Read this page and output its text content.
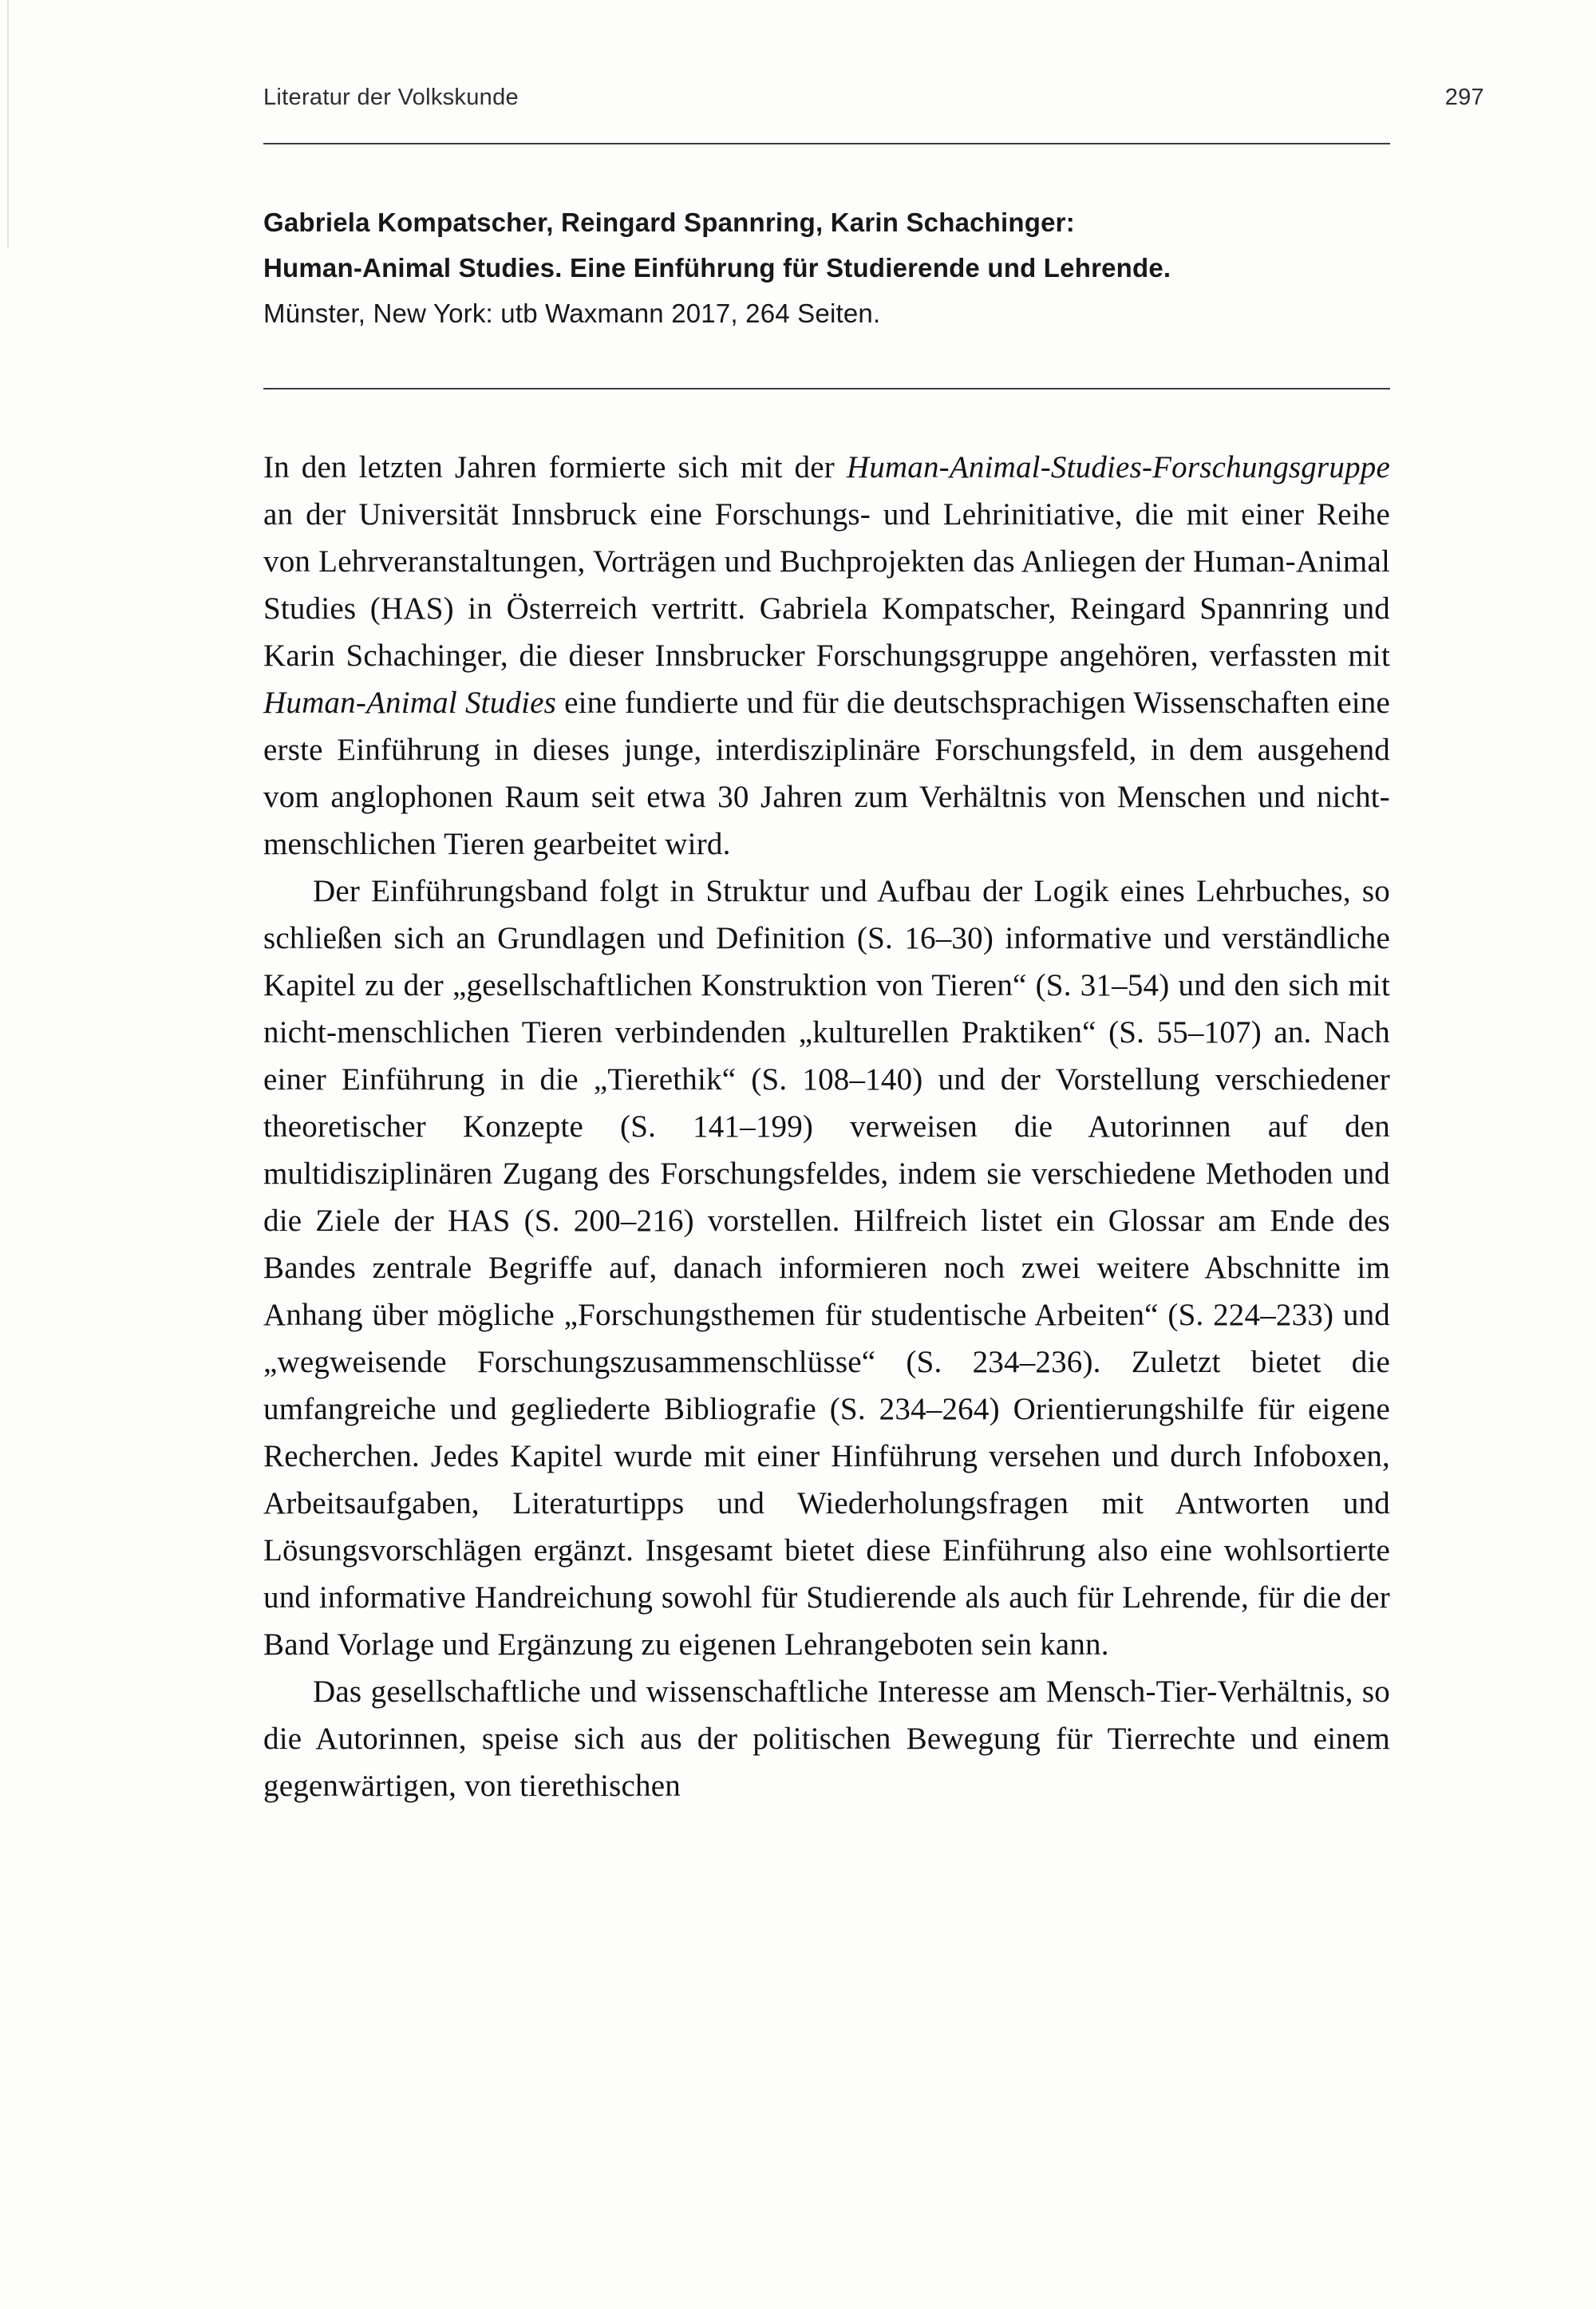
Literatur der Volkskunde	297

Gabriela Kompatscher, Reingard Spannring, Karin Schachinger:

Human-Animal Studies. Eine Einführung für Studierende und Lehrende.

Münster, New York: utb Waxmann 2017, 264 Seiten.

In den letzten Jahren formierte sich mit der Human-Animal-Studies-Forschungsgruppe an der Universität Innsbruck eine Forschungs- und Lehrinitiative, die mit einer Reihe von Lehrveranstaltungen, Vorträgen und Buchprojekten das Anliegen der Human-Animal Studies (HAS) in Österreich vertritt. Gabriela Kompatscher, Reingard Spannring und Karin Schachinger, die dieser Innsbrucker Forschungsgruppe angehören, verfassten mit Human-Animal Studies eine fundierte und für die deutschsprachigen Wissenschaften eine erste Einführung in dieses junge, interdisziplinäre Forschungsfeld, in dem ausgehend vom anglophonen Raum seit etwa 30 Jahren zum Verhältnis von Menschen und nicht-menschlichen Tieren gearbeitet wird.

Der Einführungsband folgt in Struktur und Aufbau der Logik eines Lehrbuches, so schließen sich an Grundlagen und Definition (S. 16–30) informative und verständliche Kapitel zu der „gesellschaftlichen Konstruktion von Tieren“ (S. 31–54) und den sich mit nicht-menschlichen Tieren verbindenden „kulturellen Praktiken“ (S. 55–107) an. Nach einer Einführung in die „Tierethik“ (S. 108–140) und der Vorstellung verschiedener theoretischer Konzepte (S. 141–199) verweisen die Autorinnen auf den multidisziplinären Zugang des Forschungsfeldes, indem sie verschiedene Methoden und die Ziele der HAS (S. 200–216) vorstellen. Hilfreich listet ein Glossar am Ende des Bandes zentrale Begriffe auf, danach informieren noch zwei weitere Abschnitte im Anhang über mögliche „Forschungsthemen für studentische Arbeiten“ (S. 224–233) und „wegweisende Forschungszusammenschlüsse“ (S. 234–236). Zuletzt bietet die umfangreiche und gegliederte Bibliografie (S. 234–264) Orientierungshilfe für eigene Recherchen. Jedes Kapitel wurde mit einer Hinführung versehen und durch Infoboxen, Arbeitsaufgaben, Literaturtipps und Wiederholungsfragen mit Antworten und Lösungsvorschlägen ergänzt. Insgesamt bietet diese Einführung also eine wohlsortierte und informative Handreichung sowohl für Studierende als auch für Lehrende, für die der Band Vorlage und Ergänzung zu eigenen Lehrangeboten sein kann.

Das gesellschaftliche und wissenschaftliche Interesse am Mensch-Tier-Verhältnis, so die Autorinnen, speise sich aus der politischen Bewegung für Tierrechte und einem gegenwärtigen, von tierethischen
